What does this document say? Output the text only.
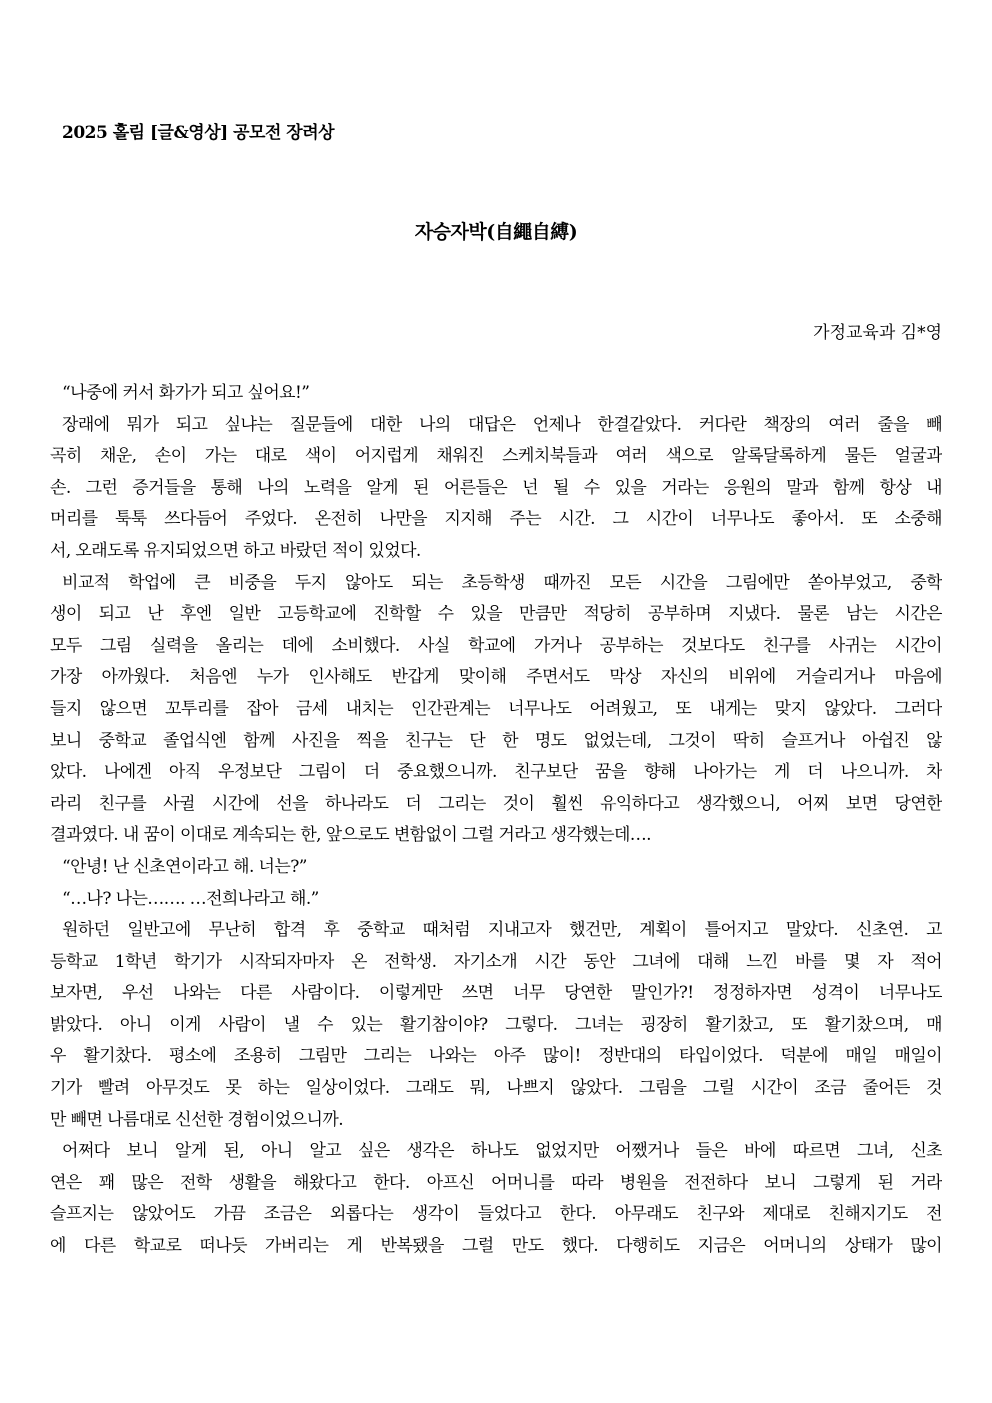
2025 홀림 [글&영상] 공모전 장려상
자승자박(自繩自縛)
가정교육과 김*영
“나중에 커서 화가가 되고 싶어요!”
장래에 뭐가 되고 싶냐는 질문들에 대한 나의 대답은 언제나 한결같았다. 커다란 책장의 여러 줄을 빼
곡히 채운, 손이 가는 대로 색이 어지럽게 채워진 스케치북들과 여러 색으로 알록달록하게 물든 얼굴과
손. 그런 증거들을 통해 나의 노력을 알게 된 어른들은 넌 될 수 있을 거라는 응원의 말과 함께 항상 내
머리를 툭툭 쓰다듬어 주었다. 온전히 나만을 지지해 주는 시간. 그 시간이 너무나도 좋아서. 또 소중해
서, 오래도록 유지되었으면 하고 바랐던 적이 있었다.
비교적 학업에 큰 비중을 두지 않아도 되는 초등학생 때까진 모든 시간을 그림에만 쏟아부었고, 중학
생이 되고 난 후엔 일반 고등학교에 진학할 수 있을 만큼만 적당히 공부하며 지냈다. 물론 남는 시간은
모두 그림 실력을 올리는 데에 소비했다. 사실 학교에 가거나 공부하는 것보다도 친구를 사귀는 시간이
가장 아까웠다. 처음엔 누가 인사해도 반갑게 맞이해 주면서도 막상 자신의 비위에 거슬리거나 마음에
들지 않으면 꼬투리를 잡아 금세 내치는 인간관계는 너무나도 어려웠고, 또 내게는 맞지 않았다. 그러다
보니 중학교 졸업식엔 함께 사진을 찍을 친구는 단 한 명도 없었는데, 그것이 딱히 슬프거나 아쉽진 않
았다. 나에겐 아직 우정보단 그림이 더 중요했으니까. 친구보단 꿈을 향해 나아가는 게 더 나으니까. 차
라리 친구를 사귈 시간에 선을 하나라도 더 그리는 것이 훨씬 유익하다고 생각했으니, 어찌 보면 당연한
결과였다. 내 꿈이 이대로 계속되는 한, 앞으로도 변함없이 그럴 거라고 생각했는데….
“안녕! 난 신초연이라고 해. 너는?”
“…나? 나는……. …전희나라고 해.”
원하던 일반고에 무난히 합격 후 중학교 때처럼 지내고자 했건만, 계획이 틀어지고 말았다. 신초연. 고
등학교 1학년 학기가 시작되자마자 온 전학생. 자기소개 시간 동안 그녀에 대해 느낀 바를 몇 자 적어
보자면, 우선 나와는 다른 사람이다. 이렇게만 쓰면 너무 당연한 말인가?! 정정하자면 성격이 너무나도
밝았다. 아니 이게 사람이 낼 수 있는 활기참이야? 그렇다. 그녀는 굉장히 활기찼고, 또 활기찼으며, 매
우 활기찼다. 평소에 조용히 그림만 그리는 나와는 아주 많이! 정반대의 타입이었다. 덕분에 매일 매일이
기가 빨려 아무것도 못 하는 일상이었다. 그래도 뭐, 나쁘지 않았다. 그림을 그릴 시간이 조금 줄어든 것
만 빼면 나름대로 신선한 경험이었으니까.
어쩌다 보니 알게 된, 아니 알고 싶은 생각은 하나도 없었지만 어쨌거나 들은 바에 따르면 그녀, 신초
연은 꽤 많은 전학 생활을 해왔다고 한다. 아프신 어머니를 따라 병원을 전전하다 보니 그렇게 된 거라
슬프지는 않았어도 가끔 조금은 외롭다는 생각이 들었다고 한다. 아무래도 친구와 제대로 친해지기도 전
에 다른 학교로 떠나듯 가버리는 게 반복됐을 그럴 만도 했다. 다행히도 지금은 어머니의 상태가 많이
